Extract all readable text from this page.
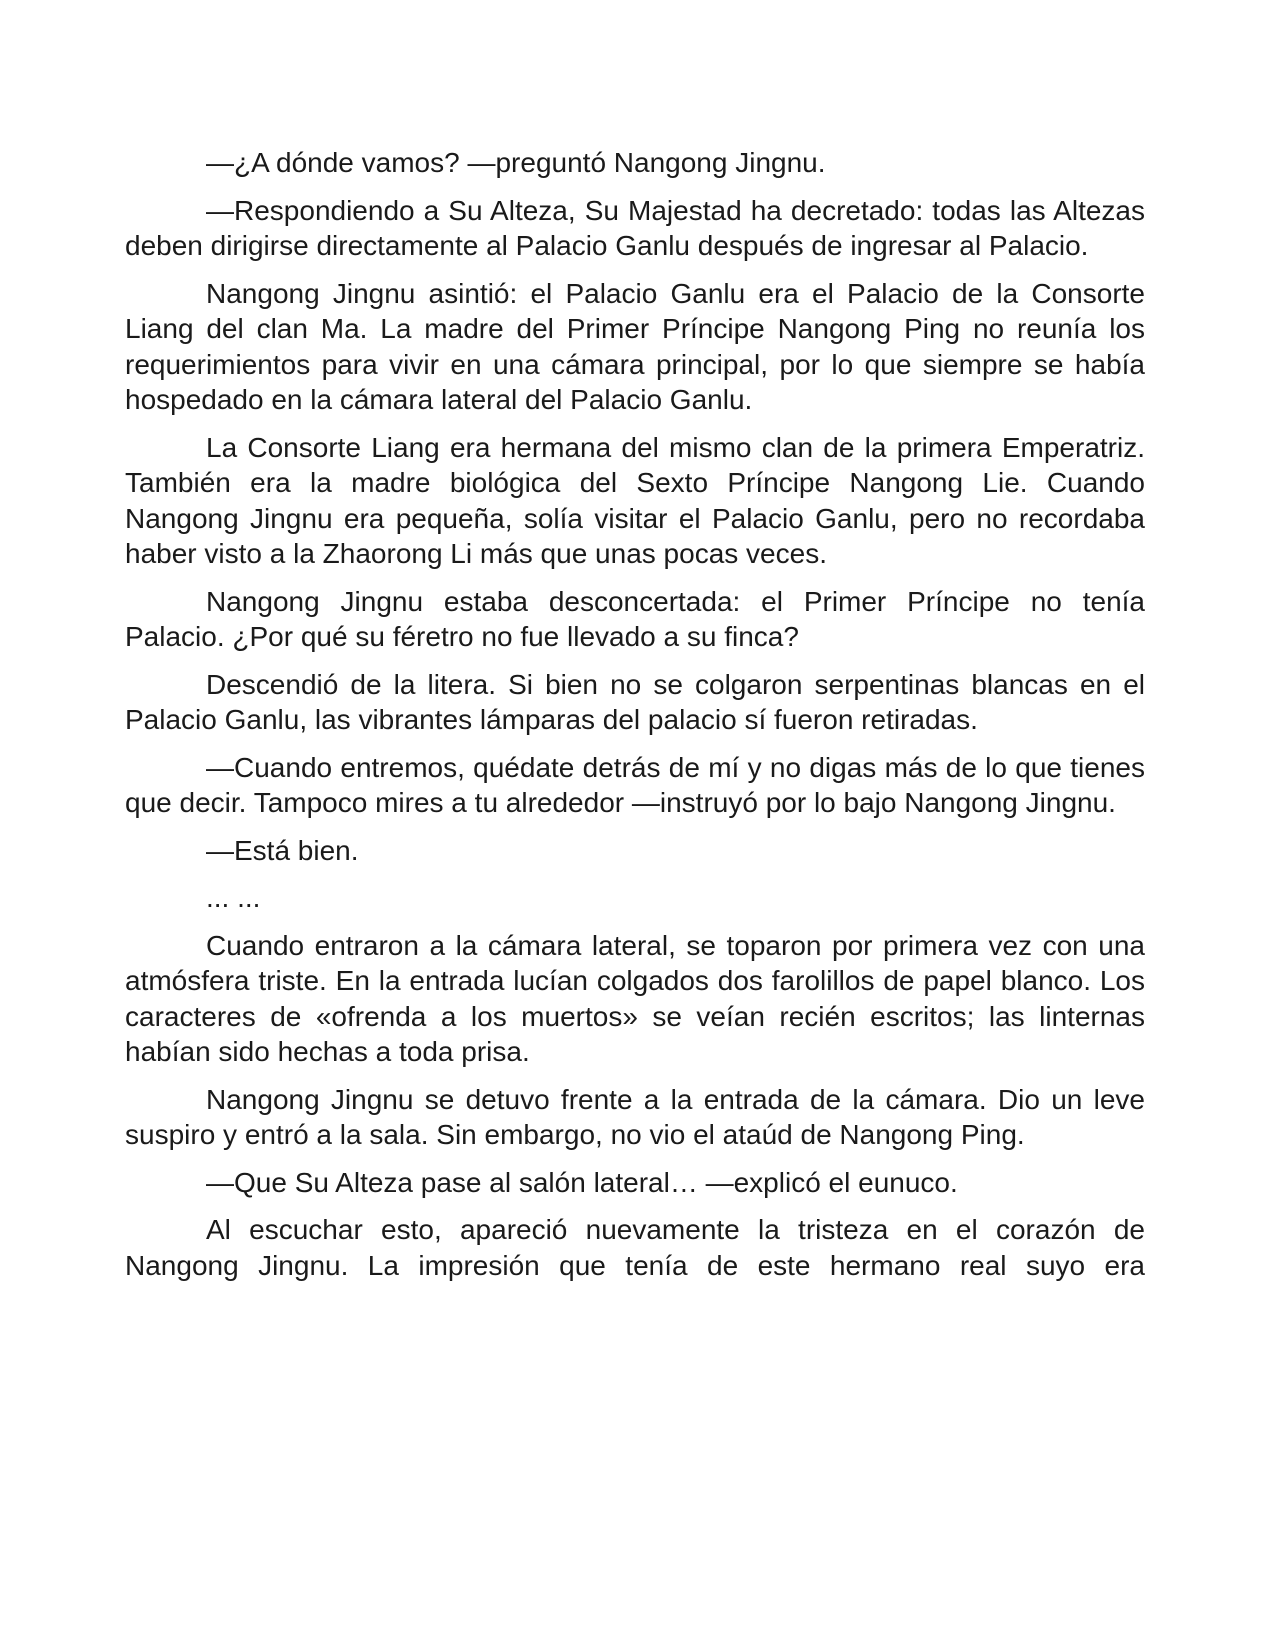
—¿A dónde vamos? —preguntó Nangong Jingnu.

—Respondiendo a Su Alteza, Su Majestad ha decretado: todas las Altezas deben dirigirse directamente al Palacio Ganlu después de ingresar al Palacio.

Nangong Jingnu asintió: el Palacio Ganlu era el Palacio de la Consorte Liang del clan Ma. La madre del Primer Príncipe Nangong Ping no reunía los requerimientos para vivir en una cámara principal, por lo que siempre se había hospedado en la cámara lateral del Palacio Ganlu.

La Consorte Liang era hermana del mismo clan de la primera Emperatriz. También era la madre biológica del Sexto Príncipe Nangong Lie. Cuando Nangong Jingnu era pequeña, solía visitar el Palacio Ganlu, pero no recordaba haber visto a la Zhaorong Li más que unas pocas veces.

Nangong Jingnu estaba desconcertada: el Primer Príncipe no tenía Palacio. ¿Por qué su féretro no fue llevado a su finca?

Descendió de la litera. Si bien no se colgaron serpentinas blancas en el Palacio Ganlu, las vibrantes lámparas del palacio sí fueron retiradas.

—Cuando entremos, quédate detrás de mí y no digas más de lo que tienes que decir. Tampoco mires a tu alrededor —instruyó por lo bajo Nangong Jingnu.

—Está bien.

... ...

Cuando entraron a la cámara lateral, se toparon por primera vez con una atmósfera triste. En la entrada lucían colgados dos farolillos de papel blanco. Los caracteres de «ofrenda a los muertos» se veían recién escritos; las linternas habían sido hechas a toda prisa.

Nangong Jingnu se detuvo frente a la entrada de la cámara. Dio un leve suspiro y entró a la sala. Sin embargo, no vio el ataúd de Nangong Ping.

—Que Su Alteza pase al salón lateral… —explicó el eunuco.

Al escuchar esto, apareció nuevamente la tristeza en el corazón de Nangong Jingnu. La impresión que tenía de este hermano real suyo era
